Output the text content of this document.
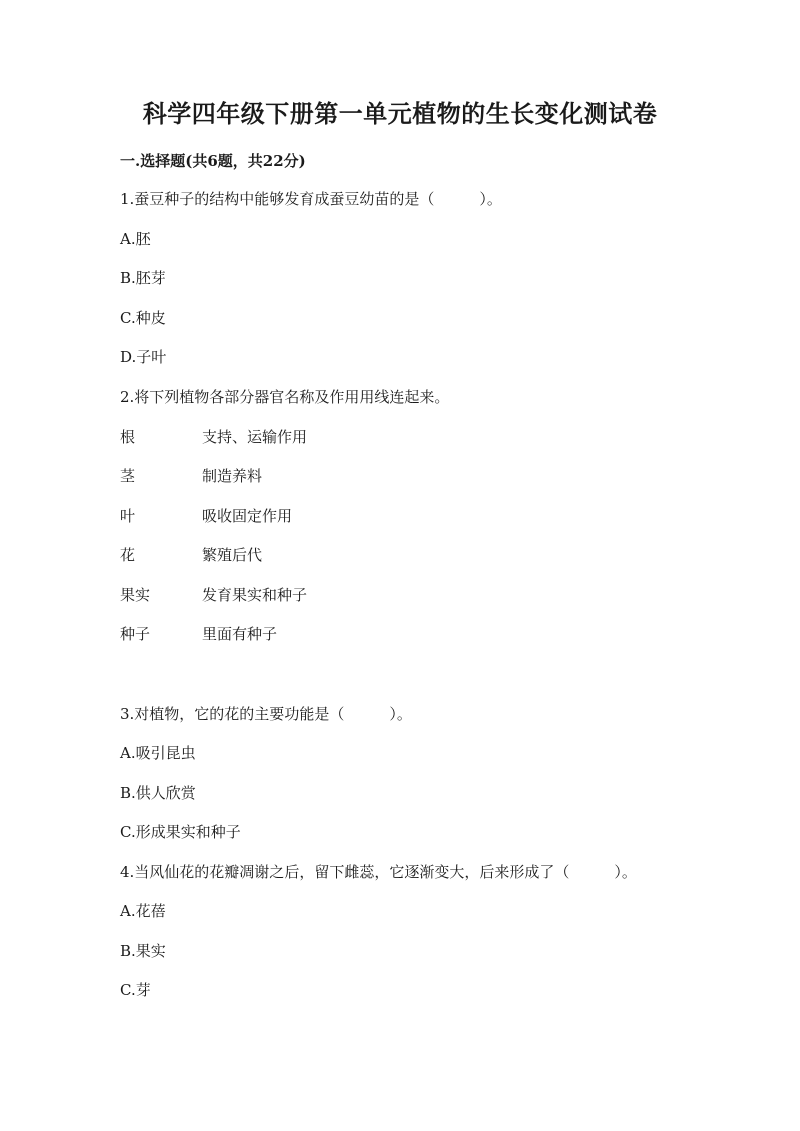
科学四年级下册第一单元植物的生长变化测试卷
一.选择题(共6题，共22分)
1.蚕豆种子的结构中能够发育成蚕豆幼苗的是（　　　）。
A.胚
B.胚芽
C.种皮
D.子叶
2.将下列植物各部分器官名称及作用用线连起来。
根	支持、运输作用
茎	制造养料
叶	吸收固定作用
花	繁殖后代
果实	发育果实和种子
种子	里面有种子
3.对植物，它的花的主要功能是（　　　）。
A.吸引昆虫
B.供人欣赏
C.形成果实和种子
4.当风仙花的花瓣凋谢之后，留下雌蕊，它逐渐变大，后来形成了（　　　）。
A.花蓓
B.果实
C.芽
